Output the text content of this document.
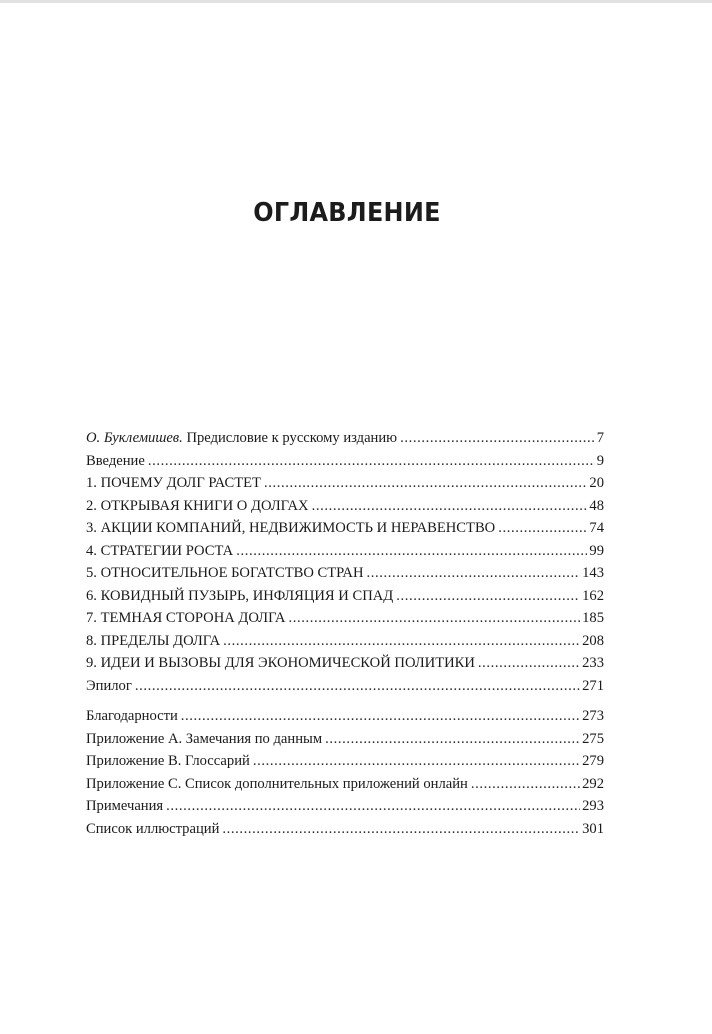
ОГЛАВЛЕНИЕ
О. Буклемишев. Предисловие к русскому изданию .....	7
Введение .....	9
1. ПОЧЕМУ ДОЛГ РАСТЕТ .....	20
2. ОТКРЫВАЯ КНИГИ О ДОЛГАХ .....	48
3. АКЦИИ КОМПАНИЙ, НЕДВИЖИМОСТЬ И НЕРАВЕНСТВО .....	74
4. СТРАТЕГИИ РОСТА .....	99
5. ОТНОСИТЕЛЬНОЕ БОГАТСТВО СТРАН .....	143
6. КОВИДНЫЙ ПУЗЫРЬ, ИНФЛЯЦИЯ И СПАД .....	162
7. ТЕМНАЯ СТОРОНА ДОЛГА .....	185
8. ПРЕДЕЛЫ ДОЛГА .....	208
9. ИДЕИ И ВЫЗОВЫ ДЛЯ ЭКОНОМИЧЕСКОЙ ПОЛИТИКИ .....	233
Эпилог .....	271
Благодарности .....	273
Приложение A. Замечания по данным .....	275
Приложение B. Глоссарий .....	279
Приложение C. Список дополнительных приложений онлайн .....	292
Примечания .....	293
Список иллюстраций .....	301
